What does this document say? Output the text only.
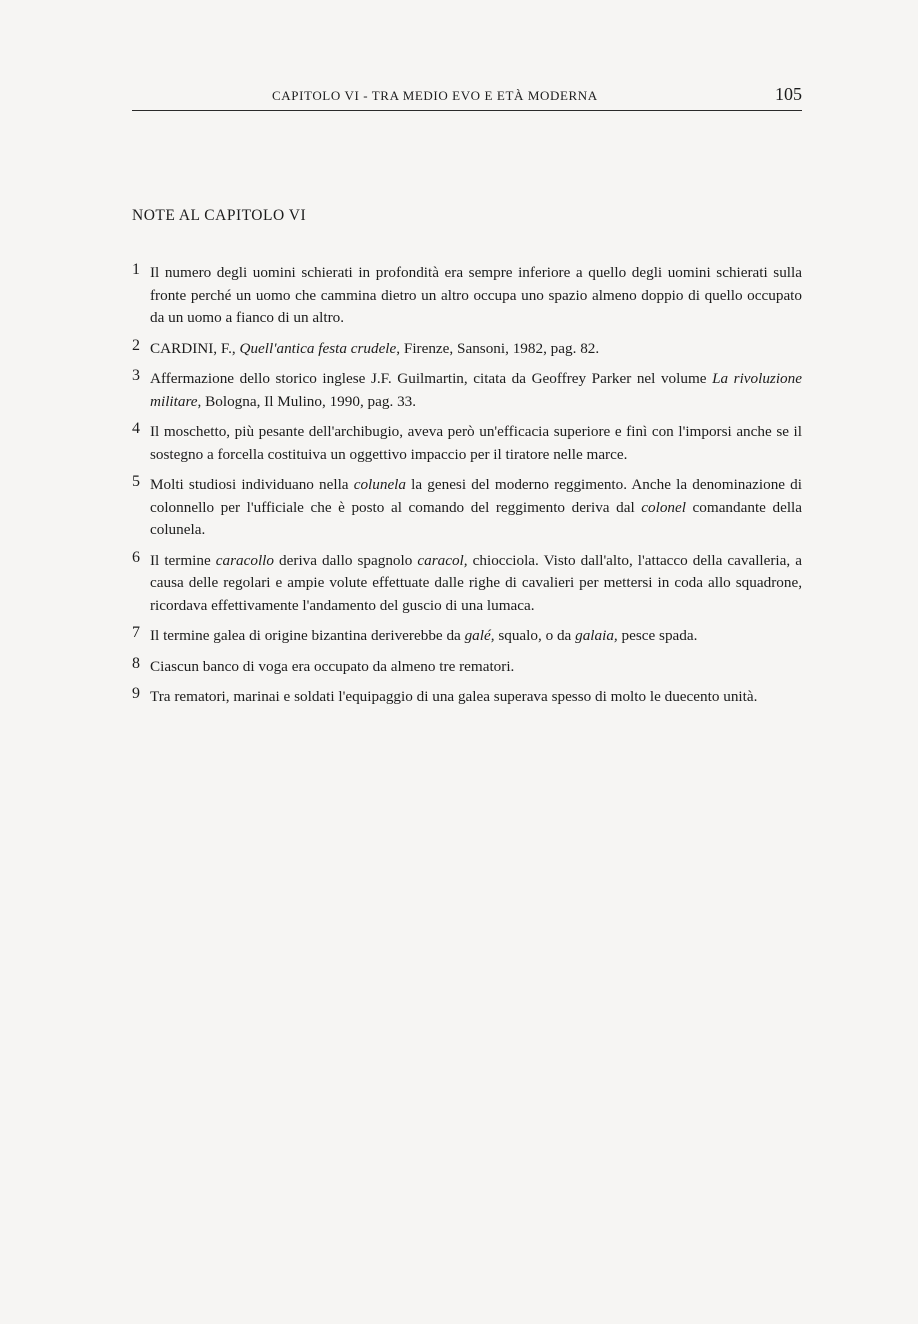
CAPITOLO VI - TRA MEDIO EVO E ETÀ MODERNA	105
NOTE AL CAPITOLO VI
1 Il numero degli uomini schierati in profondità era sempre inferiore a quello degli uomini schierati sulla fronte perché un uomo che cammina dietro un altro occupa uno spazio almeno doppio di quello occupato da un uomo a fianco di un altro.
2 CARDINI, F., Quell'antica festa crudele, Firenze, Sansoni, 1982, pag. 82.
3 Affermazione dello storico inglese J.F. Guilmartin, citata da Geoffrey Parker nel volume La rivoluzione militare, Bologna, Il Mulino, 1990, pag. 33.
4 Il moschetto, più pesante dell'archibugio, aveva però un'efficacia superiore e finì con l'imporsi anche se il sostegno a forcella costituiva un oggettivo impaccio per il tiratore nelle marce.
5 Molti studiosi individuano nella colunela la genesi del moderno reggimento. Anche la denominazione di colonnello per l'ufficiale che è posto al comando del reggimento deriva dal colonel comandante della colunela.
6 Il termine caracollo deriva dallo spagnolo caracol, chiocciola. Visto dall'alto, l'attacco della cavalleria, a causa delle regolari e ampie volute effettuate dalle righe di cavalieri per mettersi in coda allo squadrone, ricordava effettivamente l'andamento del guscio di una lumaca.
7 Il termine galea di origine bizantina deriverebbe da galé, squalo, o da galaia, pesce spada.
8 Ciascun banco di voga era occupato da almeno tre rematori.
9 Tra rematori, marinai e soldati l'equipaggio di una galea superava spesso di molto le duecento unità.
